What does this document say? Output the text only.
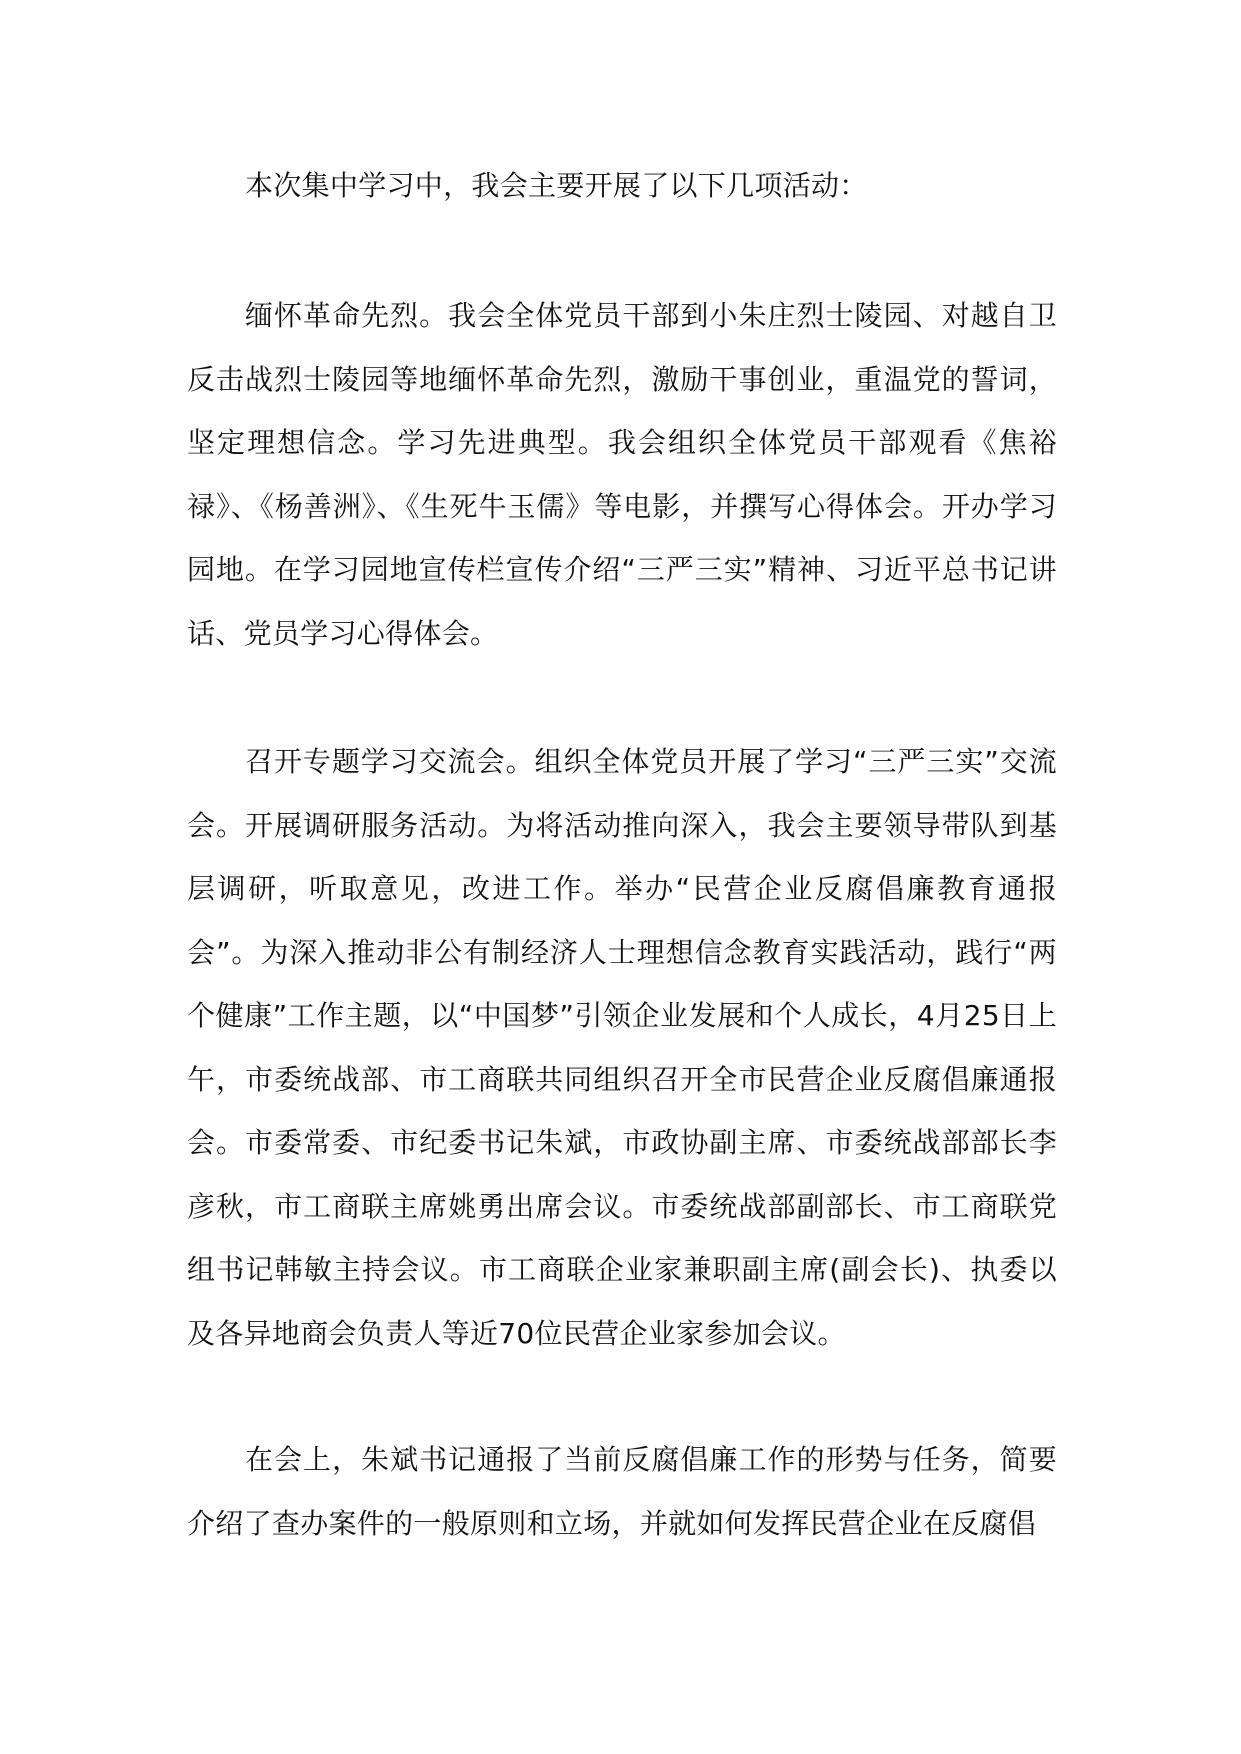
本次集中学习中，我会主要开展了以下几项活动：

缅怀革命先烈。我会全体党员干部到小朱庄烈士陵园、对越自卫反击战烈士陵园等地缅怀革命先烈，激励干事创业，重温党的誓词，坚定理想信念。学习先进典型。我会组织全体党员干部观看《焦裕禄》、《杨善洲》、《生死牛玉儒》等电影，并撰写心得体会。开办学习园地。在学习园地宣传栏宣传介绍“三严三实”精神、习近平总书记讲话、党员学习心得体会。

召开专题学习交流会。组织全体党员开展了学习“三严三实”交流会。开展调研服务活动。为将活动推向深入，我会主要领导带队到基层调研，听取意见，改进工作。举办“民营企业反腐倡廉教育通报会”。为深入推动非公有制经济人士理想信念教育实践活动，践行“两个健康”工作主题，以“中国梦”引领企业发展和个人成长，4月25日上午，市委统战部、市工商联共同组织召开全市民营企业反腐倡廉通报会。市委常委、市纪委书记朱斌，市政协副主席、市委统战部部长李彦秋，市工商联主席姚勇出席会议。市委统战部副部长、市工商联党组书记韩敏主持会议。市工商联企业家兼职副主席(副会长)、执委以及各异地商会负责人等近70位民营企业家参加会议。

在会上，朱斌书记通报了当前反腐倡廉工作的形势与任务，简要介绍了查办案件的一般原则和立场，并就如何发挥民营企业在反腐倡
